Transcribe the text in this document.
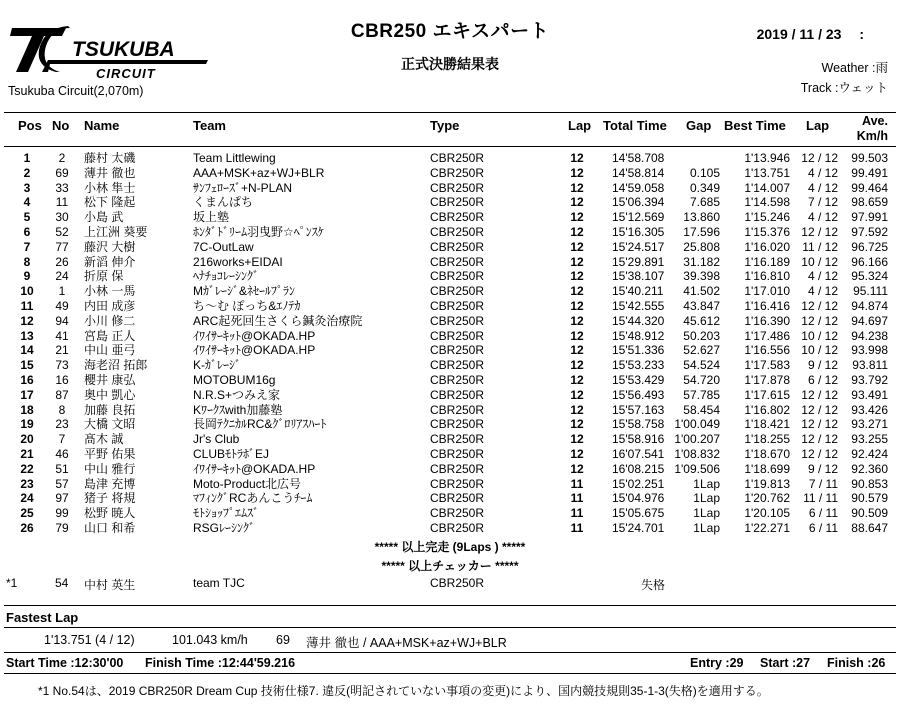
TSUKUBA
CIRCUIT
Tsukuba Circuit(2,070m)
CBR250 エキスパート
正式決勝結果表
2019 / 11 / 23　 :
Weather :雨
Track :ウェット
Pos No Name	Team	Type	Lap Total Time Gap Best Time Lap	Ave.
Km/h
1	2	藤村 太磯	Team Littlewing	CBR250R	12	14'58.708	1'13.946 12 / 12	99.503
2	69	薄井 徹也	AAA+MSK+az+WJ+BLR	CBR250R	12	14'58.814	0.105	1'13.751	4 / 12	99.491
3	33	小林 隼士	ｻﾝﾌｪﾛｰｽﾞ+N-PLAN	CBR250R	12	14'59.058	0.349	1'14.007	4 / 12	99.464
4	11	松下 隆起	くまんぱち	CBR250R	12	15'06.394	7.685	1'14.598	7 / 12	98.659
5	30	小島 武	坂上塾	CBR250R	12	15'12.569	13.860	1'15.246	4 / 12	97.991
6	52	上江洲 葵要	ﾎﾝﾀﾞﾄﾞﾘｰﾑ羽曳野☆ﾍﾟﾝｽｹ	CBR250R	12	15'16.305	17.596	1'15.376 12 / 12	97.592
7	77	藤沢 大樹	7C-OutLaw	CBR250R	12	15'24.517	25.808	1'16.020	11 / 12	96.725
8	26	新滔 伸介	216works+EIDAI	CBR250R	12	15'29.891	31.182	1'16.189 10 / 12	96.166
9	24	折原 保	ﾍﾅﾁｮｺﾚｰｼﾝｸﾞ	CBR250R	12	15'38.107	39.398	1'16.810	4 / 12	95.324
10	1	小林 一馬	Mｶﾞﾚｰｼﾞ&ﾈｾｰﾙﾌﾟﾗﾝ	CBR250R	12	15'40.211	41.502	1'17.010	4 / 12	95.111
11	49	内田 成彦	ち～む ぽっち&ｴﾉﾃｶ	CBR250R	12	15'42.555	43.847	1'16.416 12 / 12	94.874
12	94	小川 修二	ARC起死回生さくら鍼灸治療院	CBR250R	12	15'44.320	45.612	1'16.390 12 / 12	94.697
13	41	宮島 正人	ｲﾜｲｻｰｷｯﾄ@OKADA.HP	CBR250R	12	15'48.912	50.203	1'17.486 10 / 12	94.238
14	21	中山 亜弓	ｲﾜｲｻｰｷｯﾄ@OKADA.HP	CBR250R	12	15'51.336	52.627	1'16.556 10 / 12	93.998
15	73	海老沼 拓郎	K-ｶﾞﾚｰｼﾞ	CBR250R	12	15'53.233	54.524	1'17.583	9 / 12	93.811
16	16	櫻井 康弘	MOTOBUM16g	CBR250R	12	15'53.429	54.720	1'17.878	6 / 12	93.792
17	87	奥中 凱心	N.R.S+つみえ家	CBR250R	12	15'56.493	57.785	1'17.615 12 / 12	93.491
18	8	加藤 良拓	Kﾜｰｸｽwith加藤塾	CBR250R	12	15'57.163	58.454	1'16.802 12 / 12	93.426
19	23	大橋 文昭	長岡ﾃｸﾆｶﾙRC&ｸﾞﾛﾘｱｽﾊｰﾄ	CBR250R	12	15'58.758 1'00.049	1'18.421 12 / 12	93.271
20	7	髙木 誠	Jr's Club	CBR250R	12	15'58.916 1'00.207	1'18.255 12 / 12	93.255
21	46	平野 佑果	CLUBﾓﾄﾗﾎﾞEJ	CBR250R	12	16'07.541 1'08.832	1'18.670 12 / 12	92.424
22	51	中山 雅行	ｲﾜｲｻｰｷｯﾄ@OKADA.HP	CBR250R	12	16'08.215 1'09.506	1'18.699	9 / 12	92.360
23	57	島津 充博	Moto-Product北広号	CBR250R	11	15'02.251	1Lap	1'19.813	7 / 11	90.853
24	97	猪子 将規	ﾏﾌｨﾝｸﾞRCあんこうﾁｰﾑ	CBR250R	11	15'04.976	1Lap	1'20.762	11 / 11	90.579
25	99	松野 暁人	ﾓﾄｼｮｯﾌﾟｴﾑｽﾞ	CBR250R	11	15'05.675	1Lap	1'20.105	6 / 11	90.509
26	79	山口 和希	RSGﾚｰｼﾝｸﾞ	CBR250R	11	15'24.701	1Lap	1'22.271	6 / 11	88.647
***** 以上完走 (9Laps ) *****
***** 以上チェッカー *****
*1	54 中村 英生	team TJC	CBR250R	失格
Fastest Lap
1'13.751 (4 / 12)	101.043 km/h 69 薄井 徹也 / AAA+MSK+az+WJ+BLR
Start Time :12:30'00 Finish Time :12:44'59.216	Entry :29 Start :27 Finish :26
*1 No.54は、2019 CBR250R Dream Cup 技術仕様7. 違反(明記されていない事項の変更)により、国内競技規則35-1-3(失格)を適用する。
